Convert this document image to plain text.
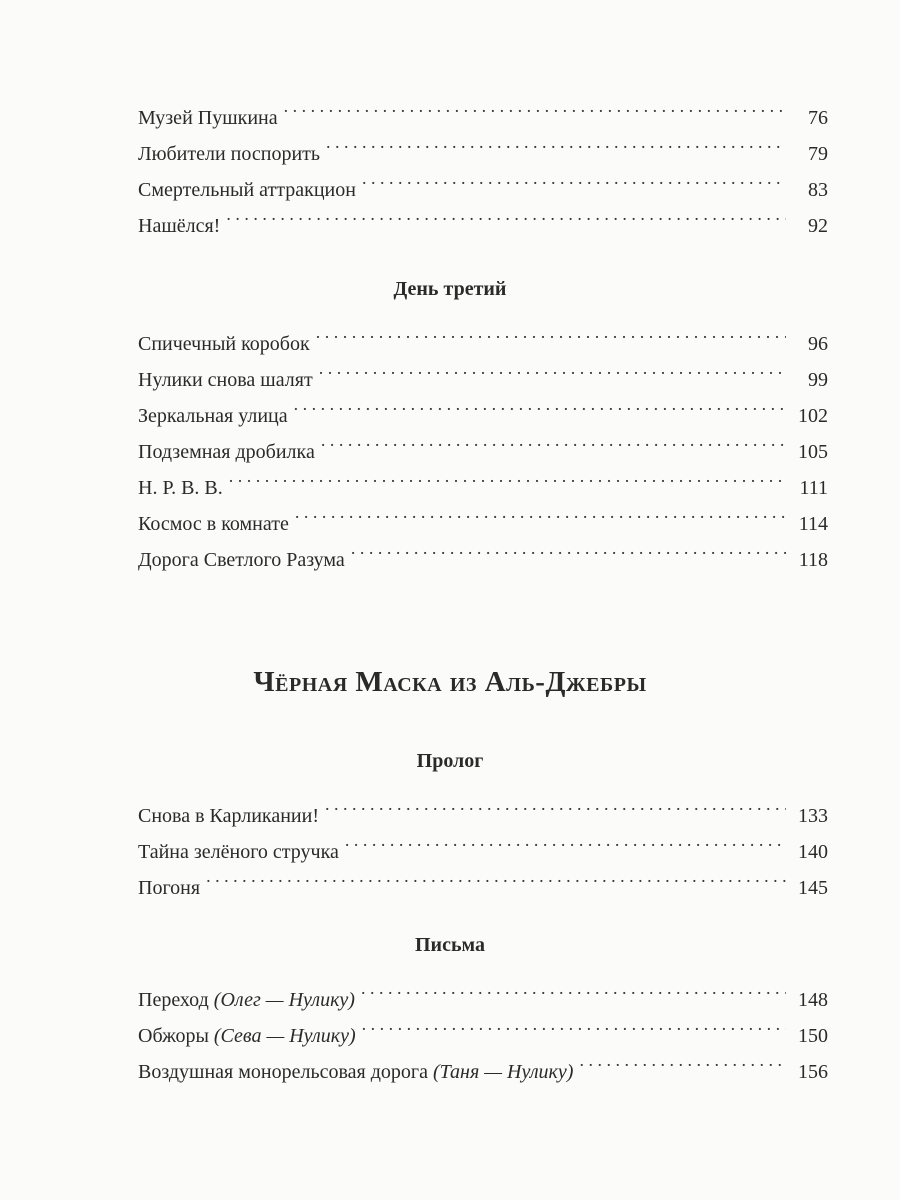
Музей Пушкина . . .	76
Любители поспорить . . .	79
Смертельный аттракцион . . .	83
Нашёлся! . . .	92
День третий
Спичечный коробок . . .	96
Нулики снова шалят . . .	99
Зеркальная улица . . .	102
Подземная дробилка . . .	105
Н. Р. В. В. . . .	111
Космос в комнате . . .	114
Дорога Светлого Разума . . .	118
Чёрная Маска из Аль-Джебры
Пролог
Снова в Карликании! . . .	133
Тайна зелёного стручка . . .	140
Погоня . . .	145
Письма
Переход (Олег — Нулику) . . .	148
Обжоры (Сева — Нулику) . . .	150
Воздушная монорельсовая дорога (Таня — Нулику) . . .	156
